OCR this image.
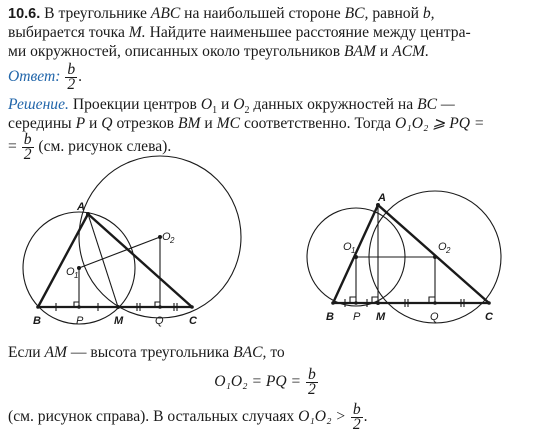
10.6. В треугольнике ABC на наибольшей стороне BC, равной b,
выбирается точка M. Найдите наименьшее расстояние между центра-
ми окружностей, описанных около треугольников BAM и ACM.
Ответ: $\frac{b}{2}$ .
Решение. Проекции центров $O_1$ и $O_2$ данных окружностей на BC —
середины P и Q отрезков BM и MC соответственно. Тогда O₁O₂ ⩾ PQ =
= $\frac{b}{2} (см$. рисунок слева).
A
B	C
M
P	Q
O 1
O 2
A
B	C
M
P	Q
O 1	O 2
Если AM — высота треугольника BAC, то
O₁O₂ = PQ = $\frac{b}{2}$
(см. рисунок справа). В остальных случаях $O_1O_2 > \frac{b}{2}$ .
